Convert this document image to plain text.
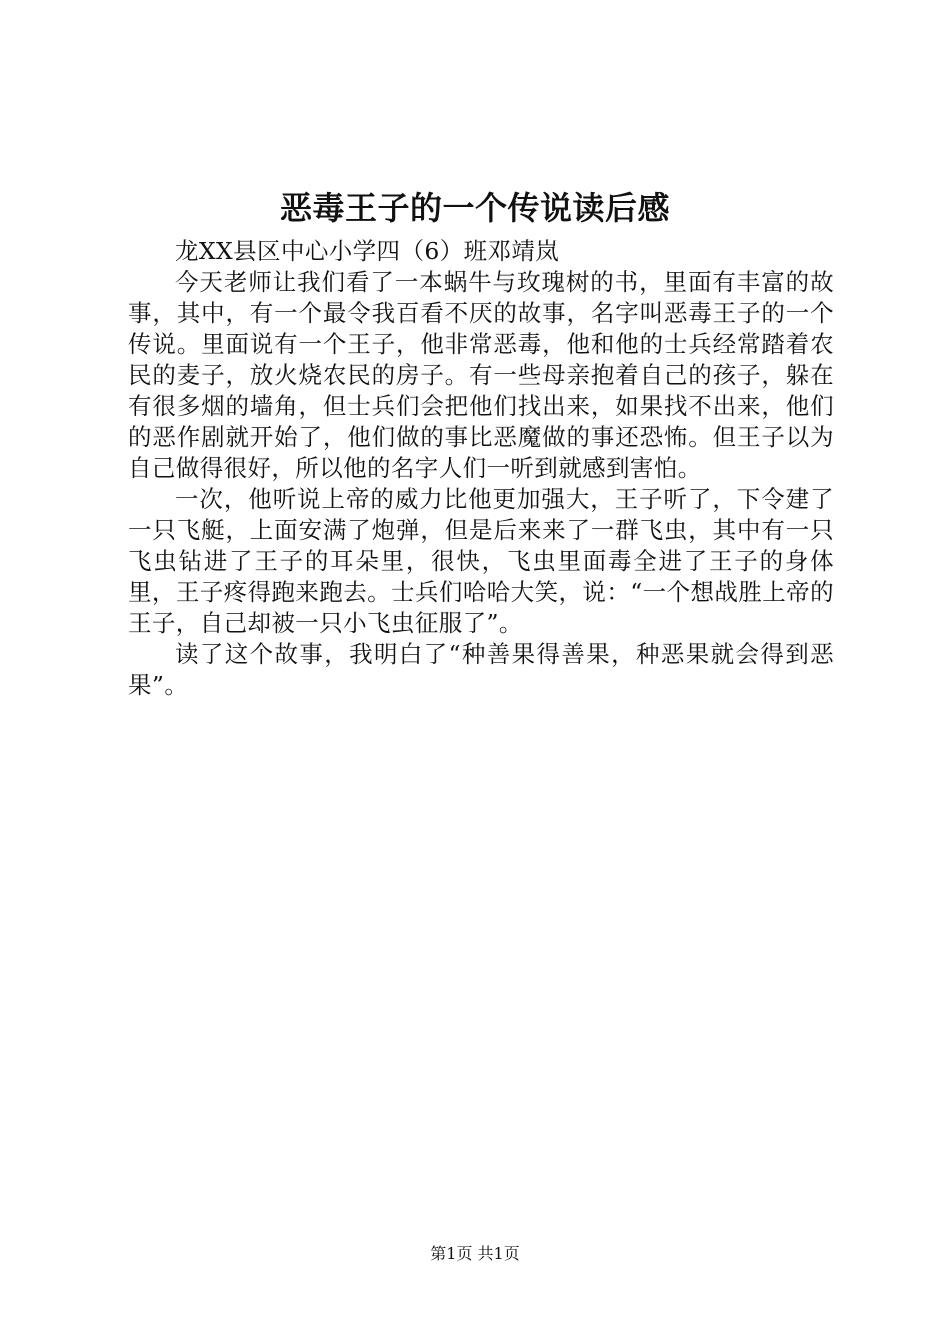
恶毒王子的一个传说读后感

龙XX县区中心小学四（6）班邓靖岚

今天老师让我们看了一本蜗牛与玫瑰树的书，里面有丰富的故事，其中，有一个最令我百看不厌的故事，名字叫恶毒王子的一个传说。里面说有一个王子，他非常恶毒，他和他的士兵经常踏着农民的麦子，放火烧农民的房子。有一些母亲抱着自己的孩子，躲在有很多烟的墙角，但士兵们会把他们找出来，如果找不出来，他们的恶作剧就开始了，他们做的事比恶魔做的事还恐怖。但王子以为自己做得很好，所以他的名字人们一听到就感到害怕。

一次，他听说上帝的威力比他更加强大，王子听了，下令建了一只飞艇，上面安满了炮弹，但是后来来了一群飞虫，其中有一只飞虫钻进了王子的耳朵里，很快，飞虫里面毒全进了王子的身体里，王子疼得跑来跑去。士兵们哈哈大笑，说：“一个想战胜上帝的王子，自己却被一只小飞虫征服了”。

读了这个故事，我明白了“种善果得善果，种恶果就会得到恶果”。

第1页 共1页
